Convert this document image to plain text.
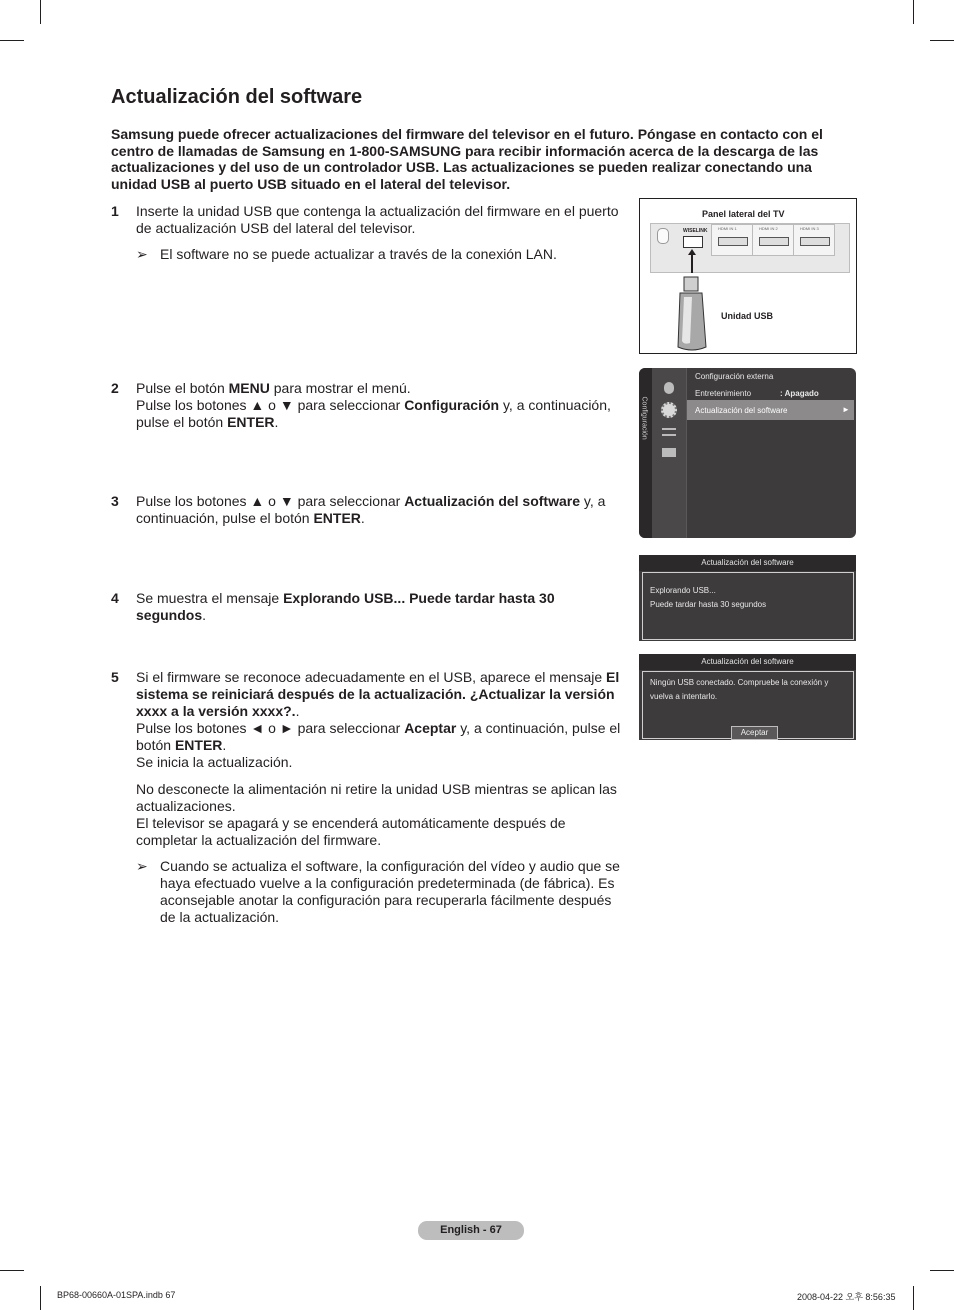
Actualización del software

Samsung puede ofrecer actualizaciones del firmware del televisor en el futuro. Póngase en contacto con el centro de llamadas de Samsung en 1-800-SAMSUNG para recibir información acerca de la descarga de las actualizaciones y del uso de un controlador USB. Las actualizaciones se pueden realizar conectando una unidad USB al puerto USB situado en el lateral del televisor.

1 Inserte la unidad USB que contenga la actualización del firmware en el puerto de actualización USB del lateral del televisor.

➢ El software no se puede actualizar a través de la conexión LAN.
2 Pulse el botón MENU para mostrar el menú.

Pulse los botones ▲ o ▼ para seleccionar Configuración y, a continuación, pulse el botón ENTER.

3 Pulse los botones ▲ o ▼ para seleccionar Actualización del software y, a continuación, pulse el botón ENTER.

4 Se muestra el mensaje Explorando USB... Puede tardar hasta 30 segundos.

5 Si el firmware se reconoce adecuadamente en el USB, aparece el mensaje El sistema se reiniciará después de la actualización. ¿Actualizar la versión xxxx a la versión xxxx?..

Pulse los botones ◄ o ► para seleccionar Aceptar y, a continuación, pulse el botón ENTER.

Se inicia la actualización.

No desconecte la alimentación ni retire la unidad USB mientras se aplican las actualizaciones.

El televisor se apagará y se encenderá automáticamente después de completar la actualización del firmware.

➢ Cuando se actualiza el software, la configuración del vídeo y audio que se haya efectuado vuelve a la configuración predeterminada (de fábrica). Es aconsejable anotar la configuración para recuperarla fácilmente después de la actualización.
Panel lateral del TV
WISELINK	HDMI IN 1	HDMI IN 2	HDMI IN 3
Unidad USB
Configuración
Configuración externa
Entretenimiento	: Apagado
Actualización del software	►
Actualización del software
Explorando USB...
Puede tardar hasta 30 segundos
Actualización del software
Ningún USB conectado. Compruebe la conexión y
vuelva a intentarlo.
Aceptar
English - 67
BP68-00660A-01SPA.indb 67	2008-04-22 오후 8:56:35
